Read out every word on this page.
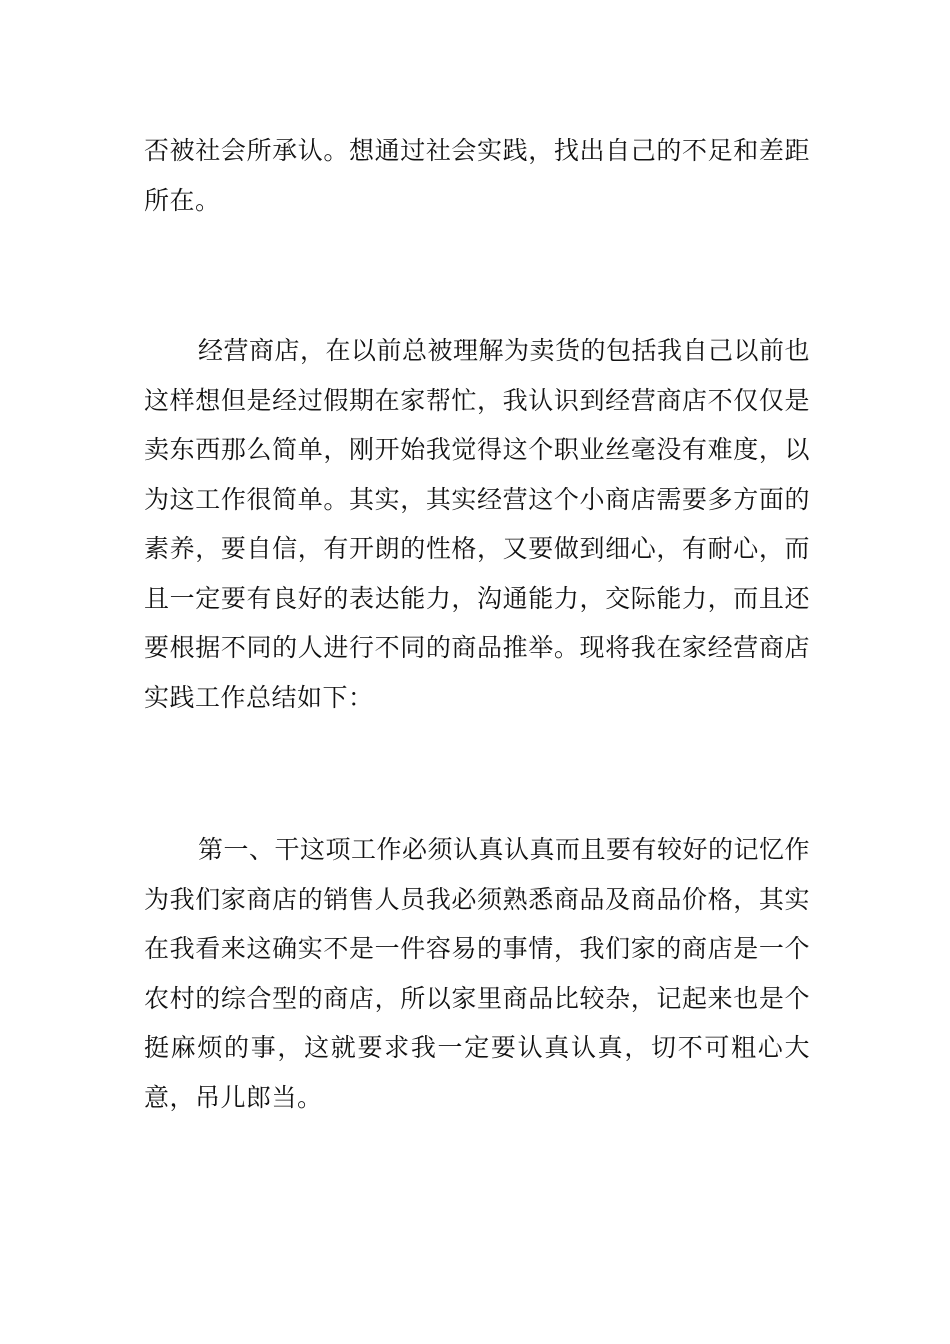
否被社会所承认。想通过社会实践，找出自己的不足和差距所在。

经营商店，在以前总被理解为卖货的包括我自己以前也这样想但是经过假期在家帮忙，我认识到经营商店不仅仅是卖东西那么简单，刚开始我觉得这个职业丝毫没有难度，以为这工作很简单。其实，其实经营这个小商店需要多方面的素养，要自信，有开朗的性格，又要做到细心，有耐心，而且一定要有良好的表达能力，沟通能力，交际能力，而且还要根据不同的人进行不同的商品推举。现将我在家经营商店实践工作总结如下：

第一、干这项工作必须认真认真而且要有较好的记忆作为我们家商店的销售人员我必须熟悉商品及商品价格，其实在我看来这确实不是一件容易的事情，我们家的商店是一个农村的综合型的商店，所以家里商品比较杂，记起来也是个挺麻烦的事，这就要求我一定要认真认真，切不可粗心大意，吊儿郎当。
